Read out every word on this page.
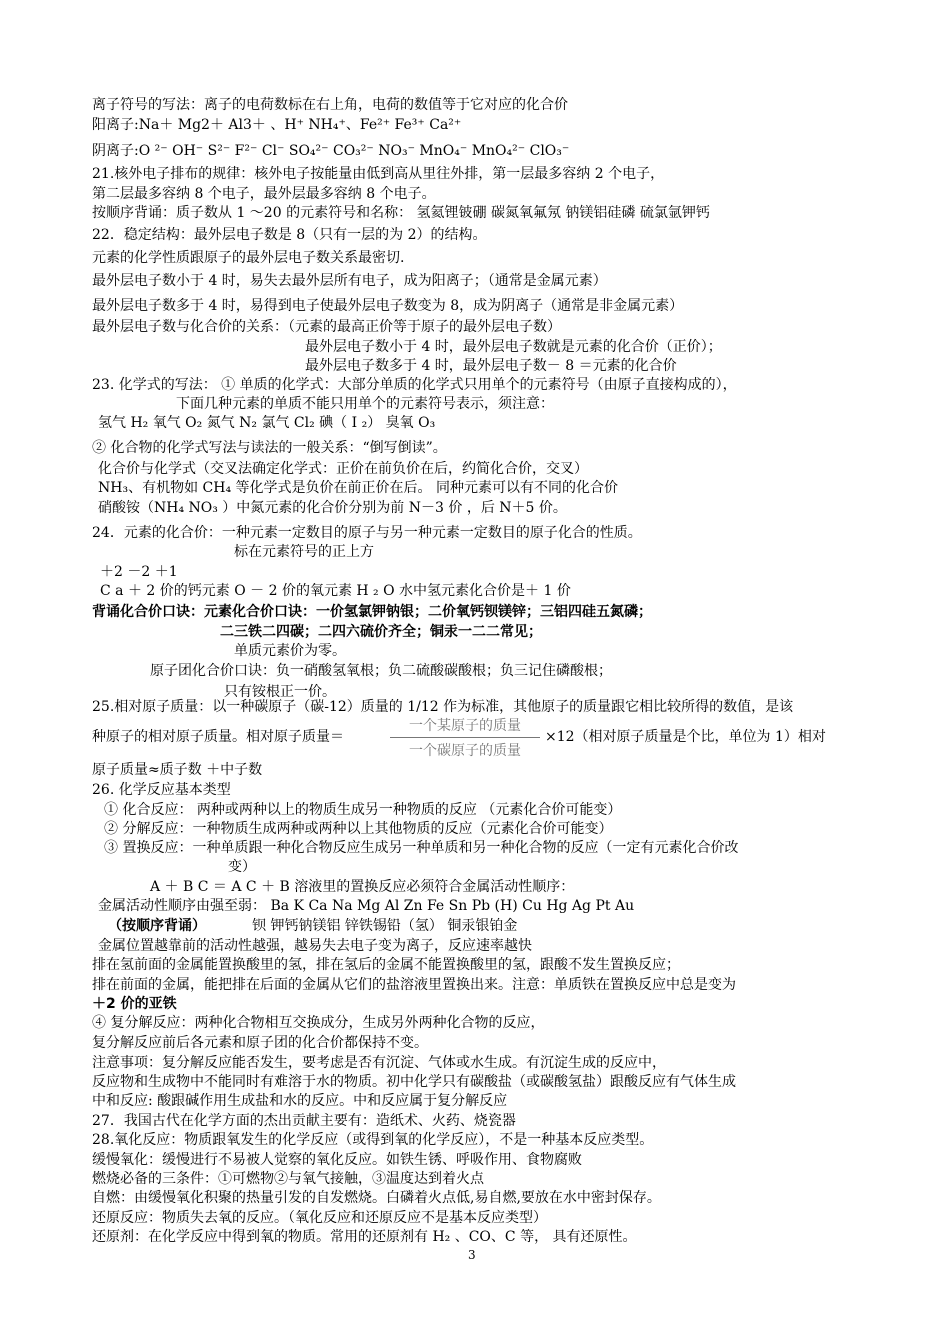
离子符号的写法：离子的电荷数标在右上角，电荷的数值等于它对应的化合价
阳离子:Na＋ Mg2＋ Al3＋ 、H⁺ NH₄⁺、Fe²⁺ Fe³⁺ Ca²⁺
阴离子:O ²⁻ OH⁻ S²⁻ F²⁻ Cl⁻ SO₄²⁻ CO₃²⁻ NO₃⁻ MnO₄⁻ MnO₄²⁻ ClO₃⁻
21.核外电子排布的规律：核外电子按能量由低到高从里往外排，第一层最多容纳 2 个电子，
第二层最多容纳 8 个电子，最外层最多容纳 8 个电子。
按顺序背诵：质子数从 1 ～20 的元素符号和名称： 氢氦锂铍硼 碳氮氧氟氖 钠镁铝硅磷 硫氯氩钾钙
22．稳定结构：最外层电子数是 8（只有一层的为 2）的结构。
元素的化学性质跟原子的最外层电子数关系最密切.
最外层电子数小于 4 时，易失去最外层所有电子，成为阳离子；（通常是金属元素）
最外层电子数多于 4 时，易得到电子使最外层电子数变为 8，成为阴离子（通常是非金属元素）
最外层电子数与化合价的关系：（元素的最高正价等于原子的最外层电子数）
最外层电子数小于 4 时，最外层电子数就是元素的化合价（正价）；
最外层电子数多于 4 时，最外层电子数－ 8 ＝元素的化合价
23. 化学式的写法： ① 单质的化学式：大部分单质的化学式只用单个的元素符号（由原子直接构成的），
下面几种元素的单质不能只用单个的元素符号表示，须注意：
氢气 H₂ 氧气 O₂ 氮气 N₂ 氯气 Cl₂ 碘（ I ₂） 臭氧 O₃
② 化合物的化学式写法与读法的一般关系：“倒写倒读”。
化合价与化学式（交叉法确定化学式：正价在前负价在后，约简化合价，交叉）
NH₃、有机物如 CH₄ 等化学式是负价在前正价在后。 同种元素可以有不同的化合价
硝酸铵（NH₄ NO₃ ）中氮元素的化合价分别为前 N－3 价 ，后 N＋5 价。
24．元素的化合价：一种元素一定数目的原子与另一种元素一定数目的原子化合的性质。
标在元素符号的正上方
＋2 －2 ＋1
C a ＋ 2 价的钙元素 O － 2 价的氧元素 H ₂ O 水中氢元素化合价是＋ 1 价
背诵化合价口诀：元素化合价口诀：一价氢氯钾钠银；二价氧钙钡镁锌；三铝四硅五氮磷；
二三铁二四碳；二四六硫价齐全；铜汞一二二常见；
单质元素价为零。
原子团化合价口诀：负一硝酸氢氧根；负二硫酸碳酸根；负三记住磷酸根；
只有铵根正一价。
25.相对原子质量：以一种碳原子（碳-12）质量的 1/12 作为标准，其他原子的质量跟它相比较所得的数值，是该
种原子的相对原子质量。相对原子质量＝
一个某原子的质量
一个碳原子的质量
×12（相对原子质量是个比，单位为 1）相对
原子质量≈质子数 ＋中子数
26. 化学反应基本类型
① 化合反应： 两种或两种以上的物质生成另一种物质的反应 （元素化合价可能变）
② 分解反应：一种物质生成两种或两种以上其他物质的反应（元素化合价可能变）
③ 置换反应：一种单质跟一种化合物反应生成另一种单质和另一种化合物的反应（一定有元素化合价改
变）
A ＋ B C ＝ A C ＋ B 溶液里的置换反应必须符合金属活动性顺序：
金属活动性顺序由强至弱： Ba K Ca Na Mg Al Zn Fe Sn Pb (H) Cu Hg Ag Pt Au
（按顺序背诵）	钡 钾钙钠镁铝 锌铁锡铅（氢） 铜汞银铂金
金属位置越靠前的活动性越强，越易失去电子变为离子，反应速率越快
排在氢前面的金属能置换酸里的氢，排在氢后的金属不能置换酸里的氢，跟酸不发生置换反应；
排在前面的金属，能把排在后面的金属从它们的盐溶液里置换出来。注意：单质铁在置换反应中总是变为
＋2 价的亚铁
④ 复分解反应：两种化合物相互交换成分，生成另外两种化合物的反应，
复分解反应前后各元素和原子团的化合价都保持不变。
注意事项：复分解反应能否发生，要考虑是否有沉淀、气体或水生成。有沉淀生成的反应中，
反应物和生成物中不能同时有难溶于水的物质。初中化学只有碳酸盐（或碳酸氢盐）跟酸反应有气体生成
中和反应: 酸跟碱作用生成盐和水的反应。中和反应属于复分解反应
27．我国古代在化学方面的杰出贡献主要有：造纸术、火药、烧瓷器
28.氧化反应：物质跟氧发生的化学反应（或得到氧的化学反应），不是一种基本反应类型。
缓慢氧化：缓慢进行不易被人觉察的氧化反应。如铁生锈、呼吸作用、食物腐败
燃烧必备的三条件：①可燃物②与氧气接触，③温度达到着火点
自燃：由缓慢氧化积聚的热量引发的自发燃烧。白磷着火点低,易自燃,要放在水中密封保存。
还原反应：物质失去氧的反应。（氧化反应和还原反应不是基本反应类型）
还原剂：在化学反应中得到氧的物质。常用的还原剂有 H₂ 、CO、C 等， 具有还原性。
3
